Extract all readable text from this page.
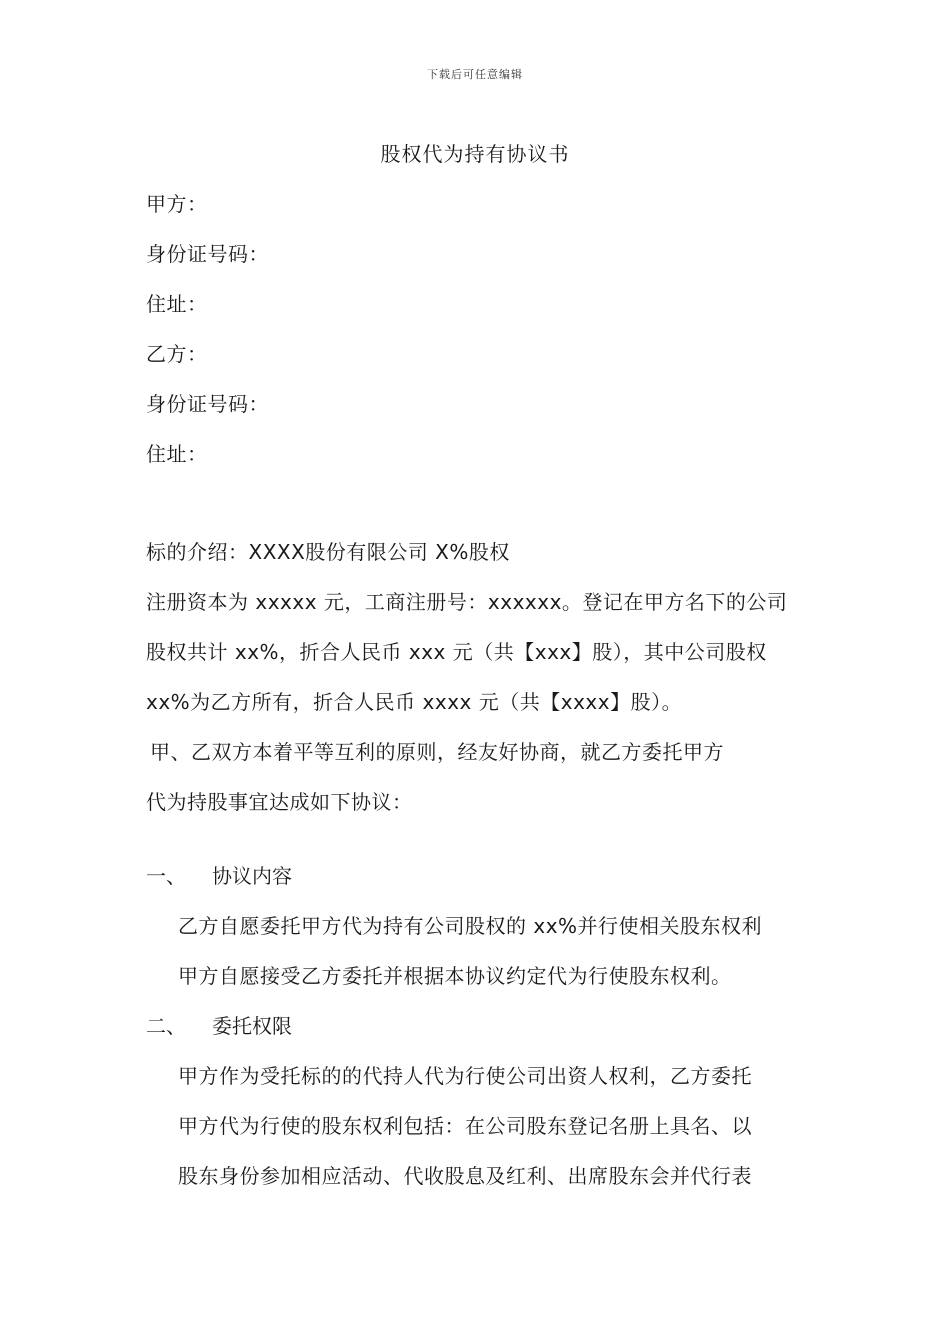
下载后可任意编辑
股权代为持有协议书
甲方：
身份证号码：
住址：
乙方：
身份证号码：
住址：
标的介绍：XXXX股份有限公司 X%股权
注册资本为 xxxxx 元，工商注册号：xxxxxx。登记在甲方名下的公司
股权共计 xx%，折合人民币 xxx 元（共【xxx】股），其中公司股权
xx%为乙方所有，折合人民币 xxxx 元（共【xxxx】股）。
甲、乙双方本着平等互利的原则，经友好协商，就乙方委托甲方
代为持股事宜达成如下协议：
一、 协议内容
乙方自愿委托甲方代为持有公司股权的 xx%并行使相关股东权利
甲方自愿接受乙方委托并根据本协议约定代为行使股东权利。
二、 委托权限
甲方作为受托标的的代持人代为行使公司出资人权利，乙方委托
甲方代为行使的股东权利包括：在公司股东登记名册上具名、以
股东身份参加相应活动、代收股息及红利、出席股东会并代行表
